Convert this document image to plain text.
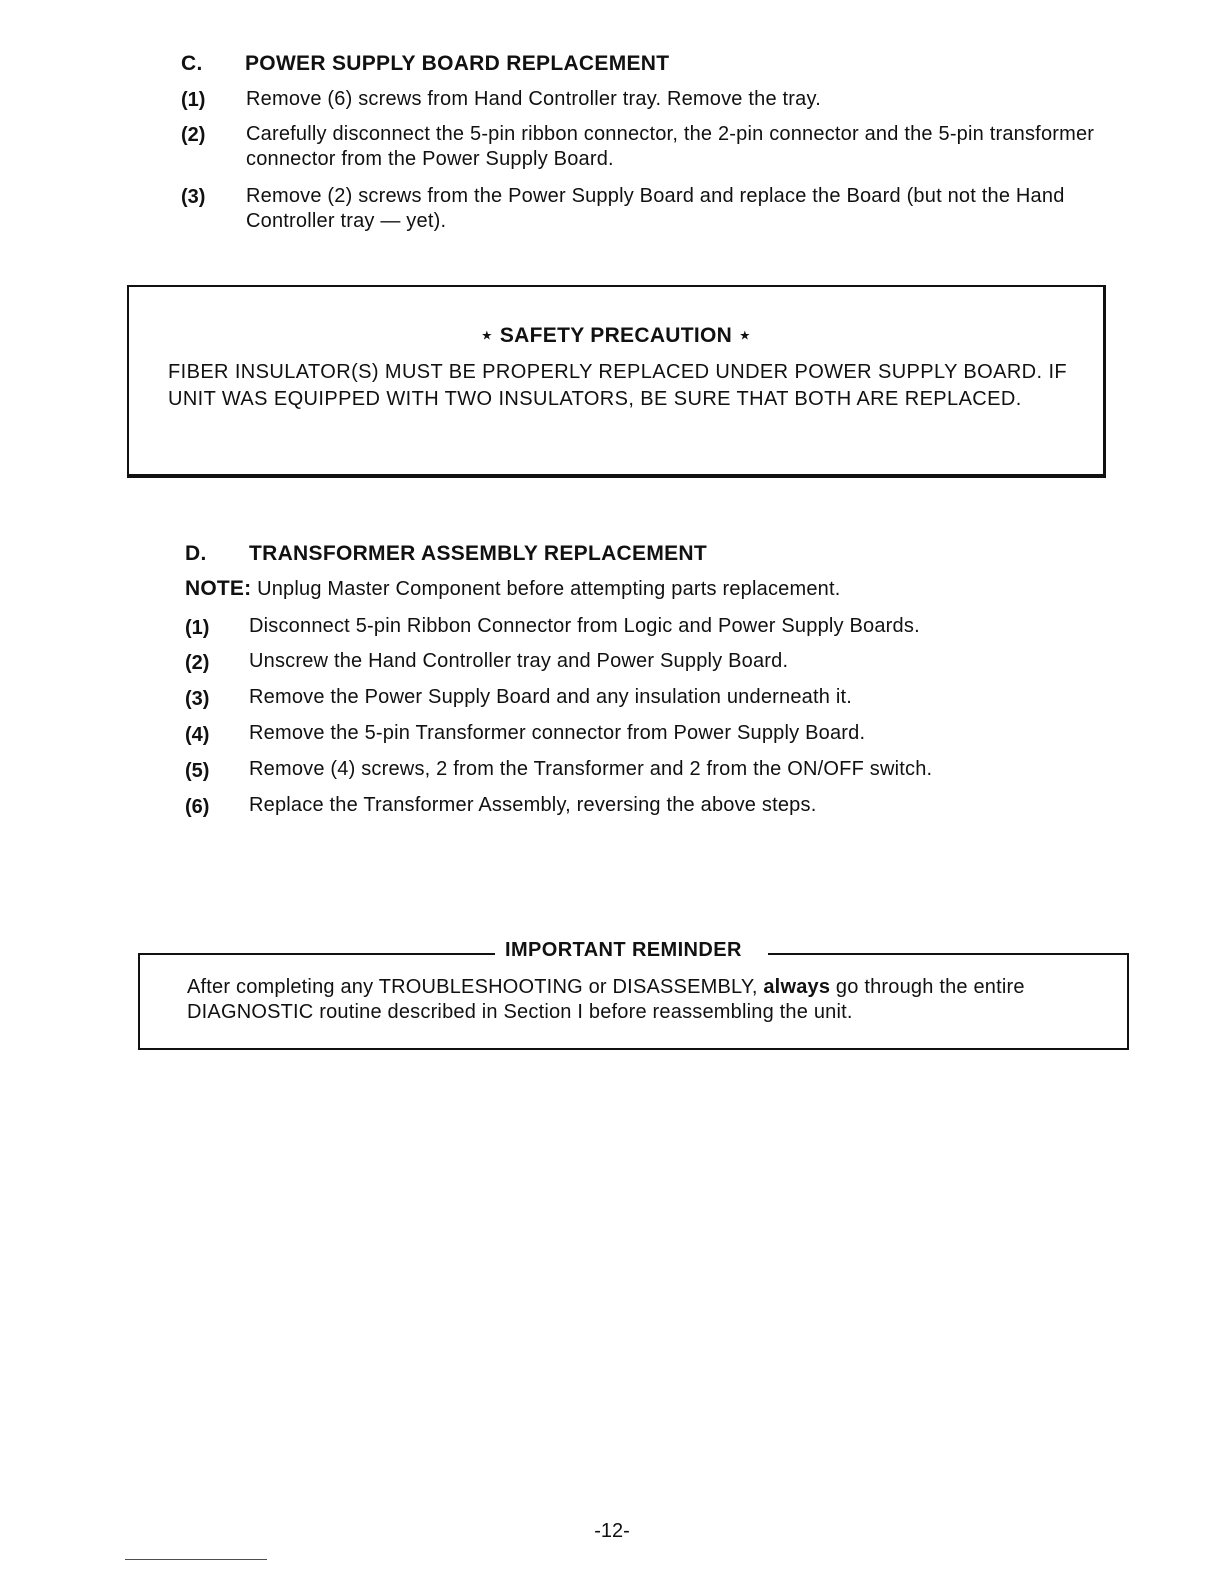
C. POWER SUPPLY BOARD REPLACEMENT
(1) Remove (6) screws from Hand Controller tray. Remove the tray.
(2) Carefully disconnect the 5-pin ribbon connector, the 2-pin connector and the 5-pin transformer connector from the Power Supply Board.
(3) Remove (2) screws from the Power Supply Board and replace the Board (but not the Hand Controller tray — yet).
⋆ SAFETY PRECAUTION ⋆
FIBER INSULATOR(S) MUST BE PROPERLY REPLACED UNDER POWER SUPPLY BOARD. IF UNIT WAS EQUIPPED WITH TWO INSULATORS, BE SURE THAT BOTH ARE REPLACED.
D. TRANSFORMER ASSEMBLY REPLACEMENT
NOTE: Unplug Master Component before attempting parts replacement.
(1) Disconnect 5-pin Ribbon Connector from Logic and Power Supply Boards.
(2) Unscrew the Hand Controller tray and Power Supply Board.
(3) Remove the Power Supply Board and any insulation underneath it.
(4) Remove the 5-pin Transformer connector from Power Supply Board.
(5) Remove (4) screws, 2 from the Transformer and 2 from the ON/OFF switch.
(6) Replace the Transformer Assembly, reversing the above steps.
IMPORTANT REMINDER
After completing any TROUBLESHOOTING or DISASSEMBLY, always go through the entire DIAGNOSTIC routine described in Section I before reassembling the unit.
-12-
